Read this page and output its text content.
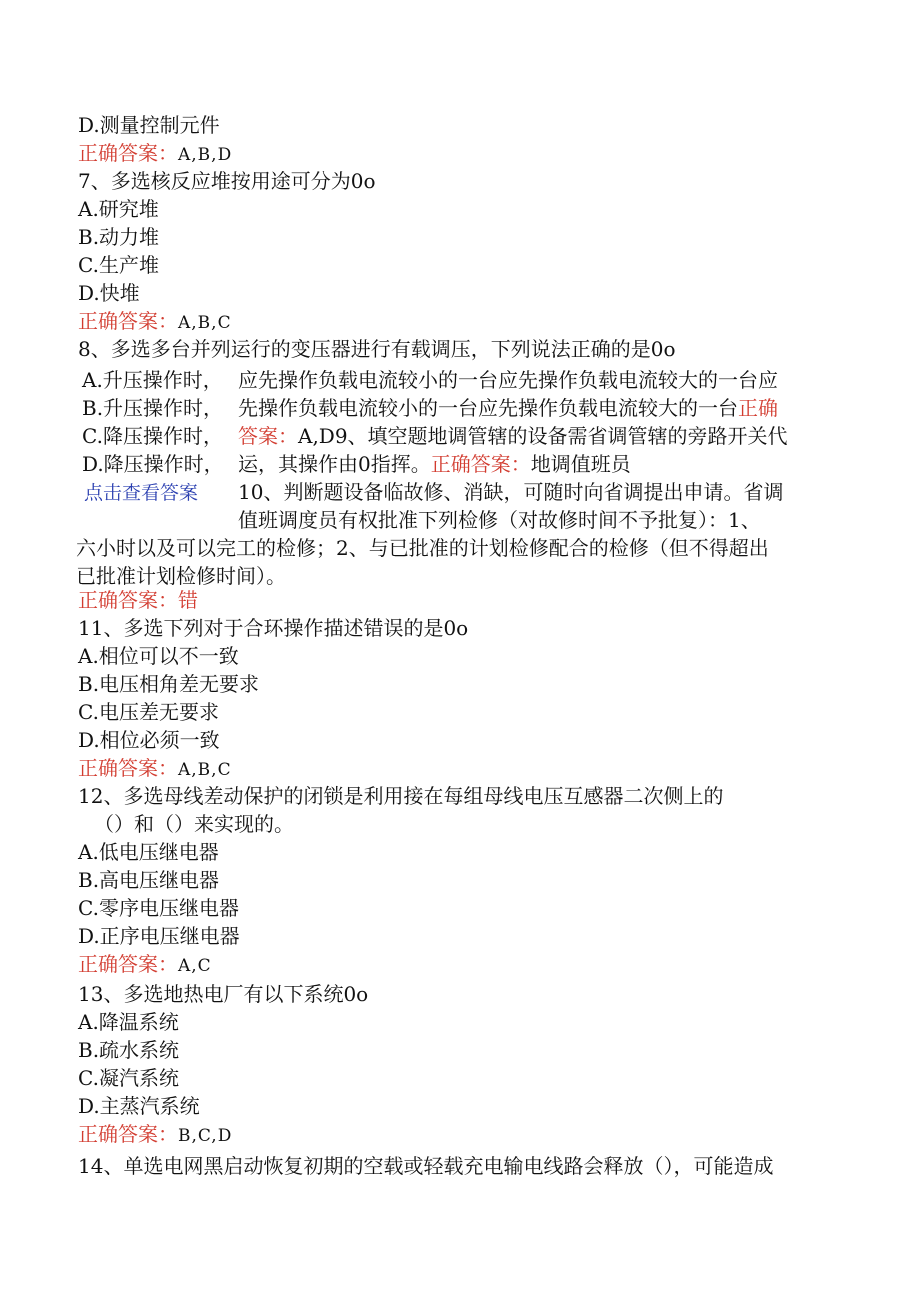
D.测量控制元件
正确答案：A,B,D
7、多选核反应堆按用途可分为0o
A.研究堆
B.动力堆
C.生产堆
D.快堆
正确答案：A,B,C
8、多选多台并列运行的变压器进行有载调压，下列说法正确的是0o
A.升压操作时，
B.升压操作时，
C.降压操作时，
D.降压操作时，
点击查看答案
应先操作负载电流较小的一台应先操作负载电流较大的一台应
先操作负载电流较小的一台应先操作负载电流较大的一台正确
答案：A,D9、填空题地调管辖的设备需省调管辖的旁路开关代
运，其操作由0指挥。正确答案：地调值班员
10、判断题设备临故修、消缺，可随时向省调提出申请。省调
值班调度员有权批准下列检修（对故修时间不予批复）：1、
六小时以及可以完工的检修；2、与已批准的计划检修配合的检修（但不得超出
已批准计划检修时间）。
正确答案：错
11、多选下列对于合环操作描述错误的是0o
A.相位可以不一致
B.电压相角差无要求
C.电压差无要求
D.相位必须一致
正确答案：A,B,C
12、多选母线差动保护的闭锁是利用接在每组母线电压互感器二次侧上的
（）和（）来实现的。
A.低电压继电器
B.高电压继电器
C.零序电压继电器
D.正序电压继电器
正确答案：A,C
13、多选地热电厂有以下系统0o
A.降温系统
B.疏水系统
C.凝汽系统
D.主蒸汽系统
正确答案：B,C,D
14、单选电网黑启动恢复初期的空载或轻载充电输电线路会释放（），可能造成
